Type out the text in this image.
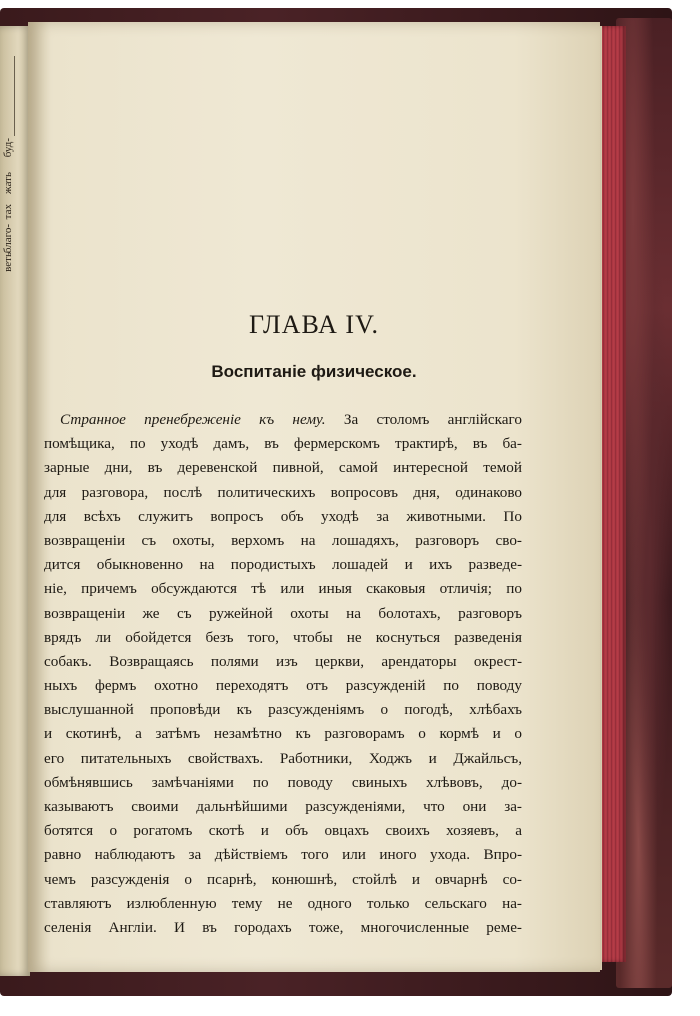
буд-
жать
тах
благо-
веть
ГЛАВА IV.
Воспитаніе физическое.
Странное пренебреженіе къ нему. За столомъ англійскаго
помѣщика, по уходѣ дамъ, въ фермерскомъ трактирѣ, въ ба-
зарные дни, въ деревенской пивной, самой интересной темой
для разговора, послѣ политическихъ вопросовъ дня, одинаково
для всѣхъ служитъ вопросъ объ уходѣ за животными. По
возвращеніи съ охоты, верхомъ на лошадяхъ, разговоръ сво-
дится обыкновенно на породистыхъ лошадей и ихъ разведе-
ніе, причемъ обсуждаются тѣ или иныя скаковыя отличія; по
возвращеніи же съ ружейной охоты на болотахъ, разговоръ
врядъ ли обойдется безъ того, чтобы не коснуться разведенія
собакъ. Возвращаясь полями изъ церкви, арендаторы окрест-
ныхъ фермъ охотно переходятъ отъ разсужденій по поводу
выслушанной проповѣди къ разсужденіямъ о погодѣ, хлѣбахъ
и скотинѣ, а затѣмъ незамѣтно къ разговорамъ о кормѣ и о
его питательныхъ свойствахъ. Работники, Ходжъ и Джайльсъ,
обмѣнявшись замѣчаніями по поводу свиныхъ хлѣвовъ, до-
казываютъ своими дальнѣйшими разсужденіями, что они за-
ботятся о рогатомъ скотѣ и объ овцахъ своихъ хозяевъ, а
равно наблюдаютъ за дѣйствіемъ того или иного ухода. Впро-
чемъ разсужденія о псарнѣ, конюшнѣ, стойлѣ и овчарнѣ со-
ставляютъ излюбленную тему не одного только сельскаго на-
селенія Англіи. И въ городахъ тоже, многочисленные реме-
